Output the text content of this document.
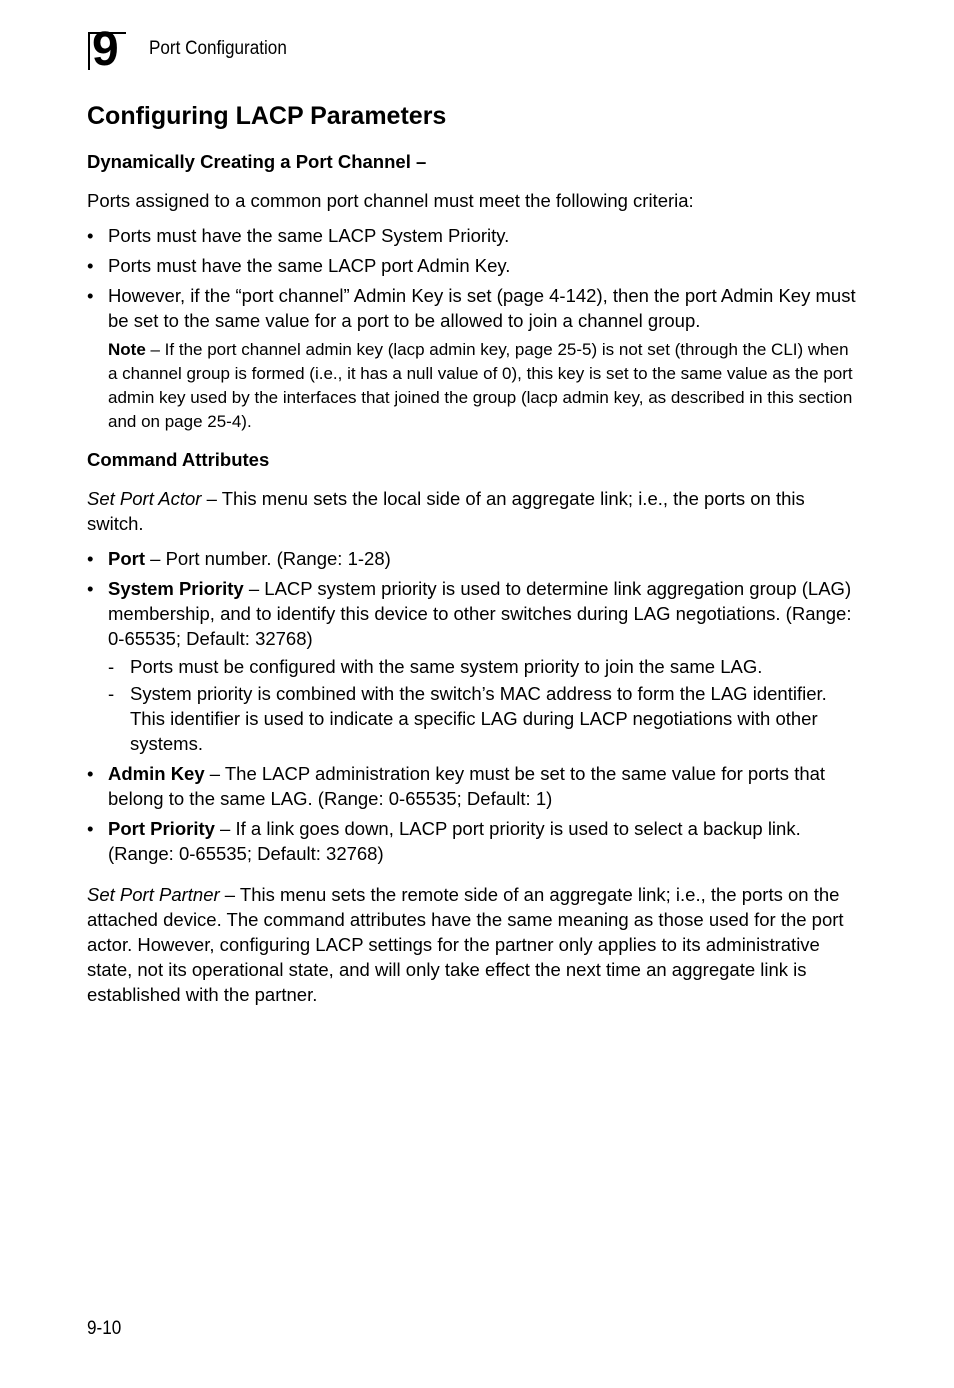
9 Port Configuration
Configuring LACP Parameters
Dynamically Creating a Port Channel –

Ports assigned to a common port channel must meet the following criteria:

• Ports must have the same LACP System Priority.
• Ports must have the same LACP port Admin Key.
• However, if the “port channel” Admin Key is set (page 4-142), then the port Admin Key must be set to the same value for a port to be allowed to join a channel group.
Note – If the port channel admin key (lacp admin key, page 25-5) is not set (through the CLI) when a channel group is formed (i.e., it has a null value of 0), this key is set to the same value as the port admin key used by the interfaces that joined the group (lacp admin key, as described in this section and on page 25-4).
Command Attributes

Set Port Actor – This menu sets the local side of an aggregate link; i.e., the ports on this switch.

• Port – Port number. (Range: 1-28)
• System Priority – LACP system priority is used to determine link aggregation group (LAG) membership, and to identify this device to other switches during LAG negotiations. (Range: 0-65535; Default: 32768)
- Ports must be configured with the same system priority to join the same LAG.
- System priority is combined with the switch’s MAC address to form the LAG identifier. This identifier is used to indicate a specific LAG during LACP negotiations with other systems.
• Admin Key – The LACP administration key must be set to the same value for ports that belong to the same LAG. (Range: 0-65535; Default: 1)
• Port Priority – If a link goes down, LACP port priority is used to select a backup link. (Range: 0-65535; Default: 32768)

Set Port Partner – This menu sets the remote side of an aggregate link; i.e., the ports on the attached device. The command attributes have the same meaning as those used for the port actor. However, configuring LACP settings for the partner only applies to its administrative state, not its operational state, and will only take effect the next time an aggregate link is established with the partner.

9-10
